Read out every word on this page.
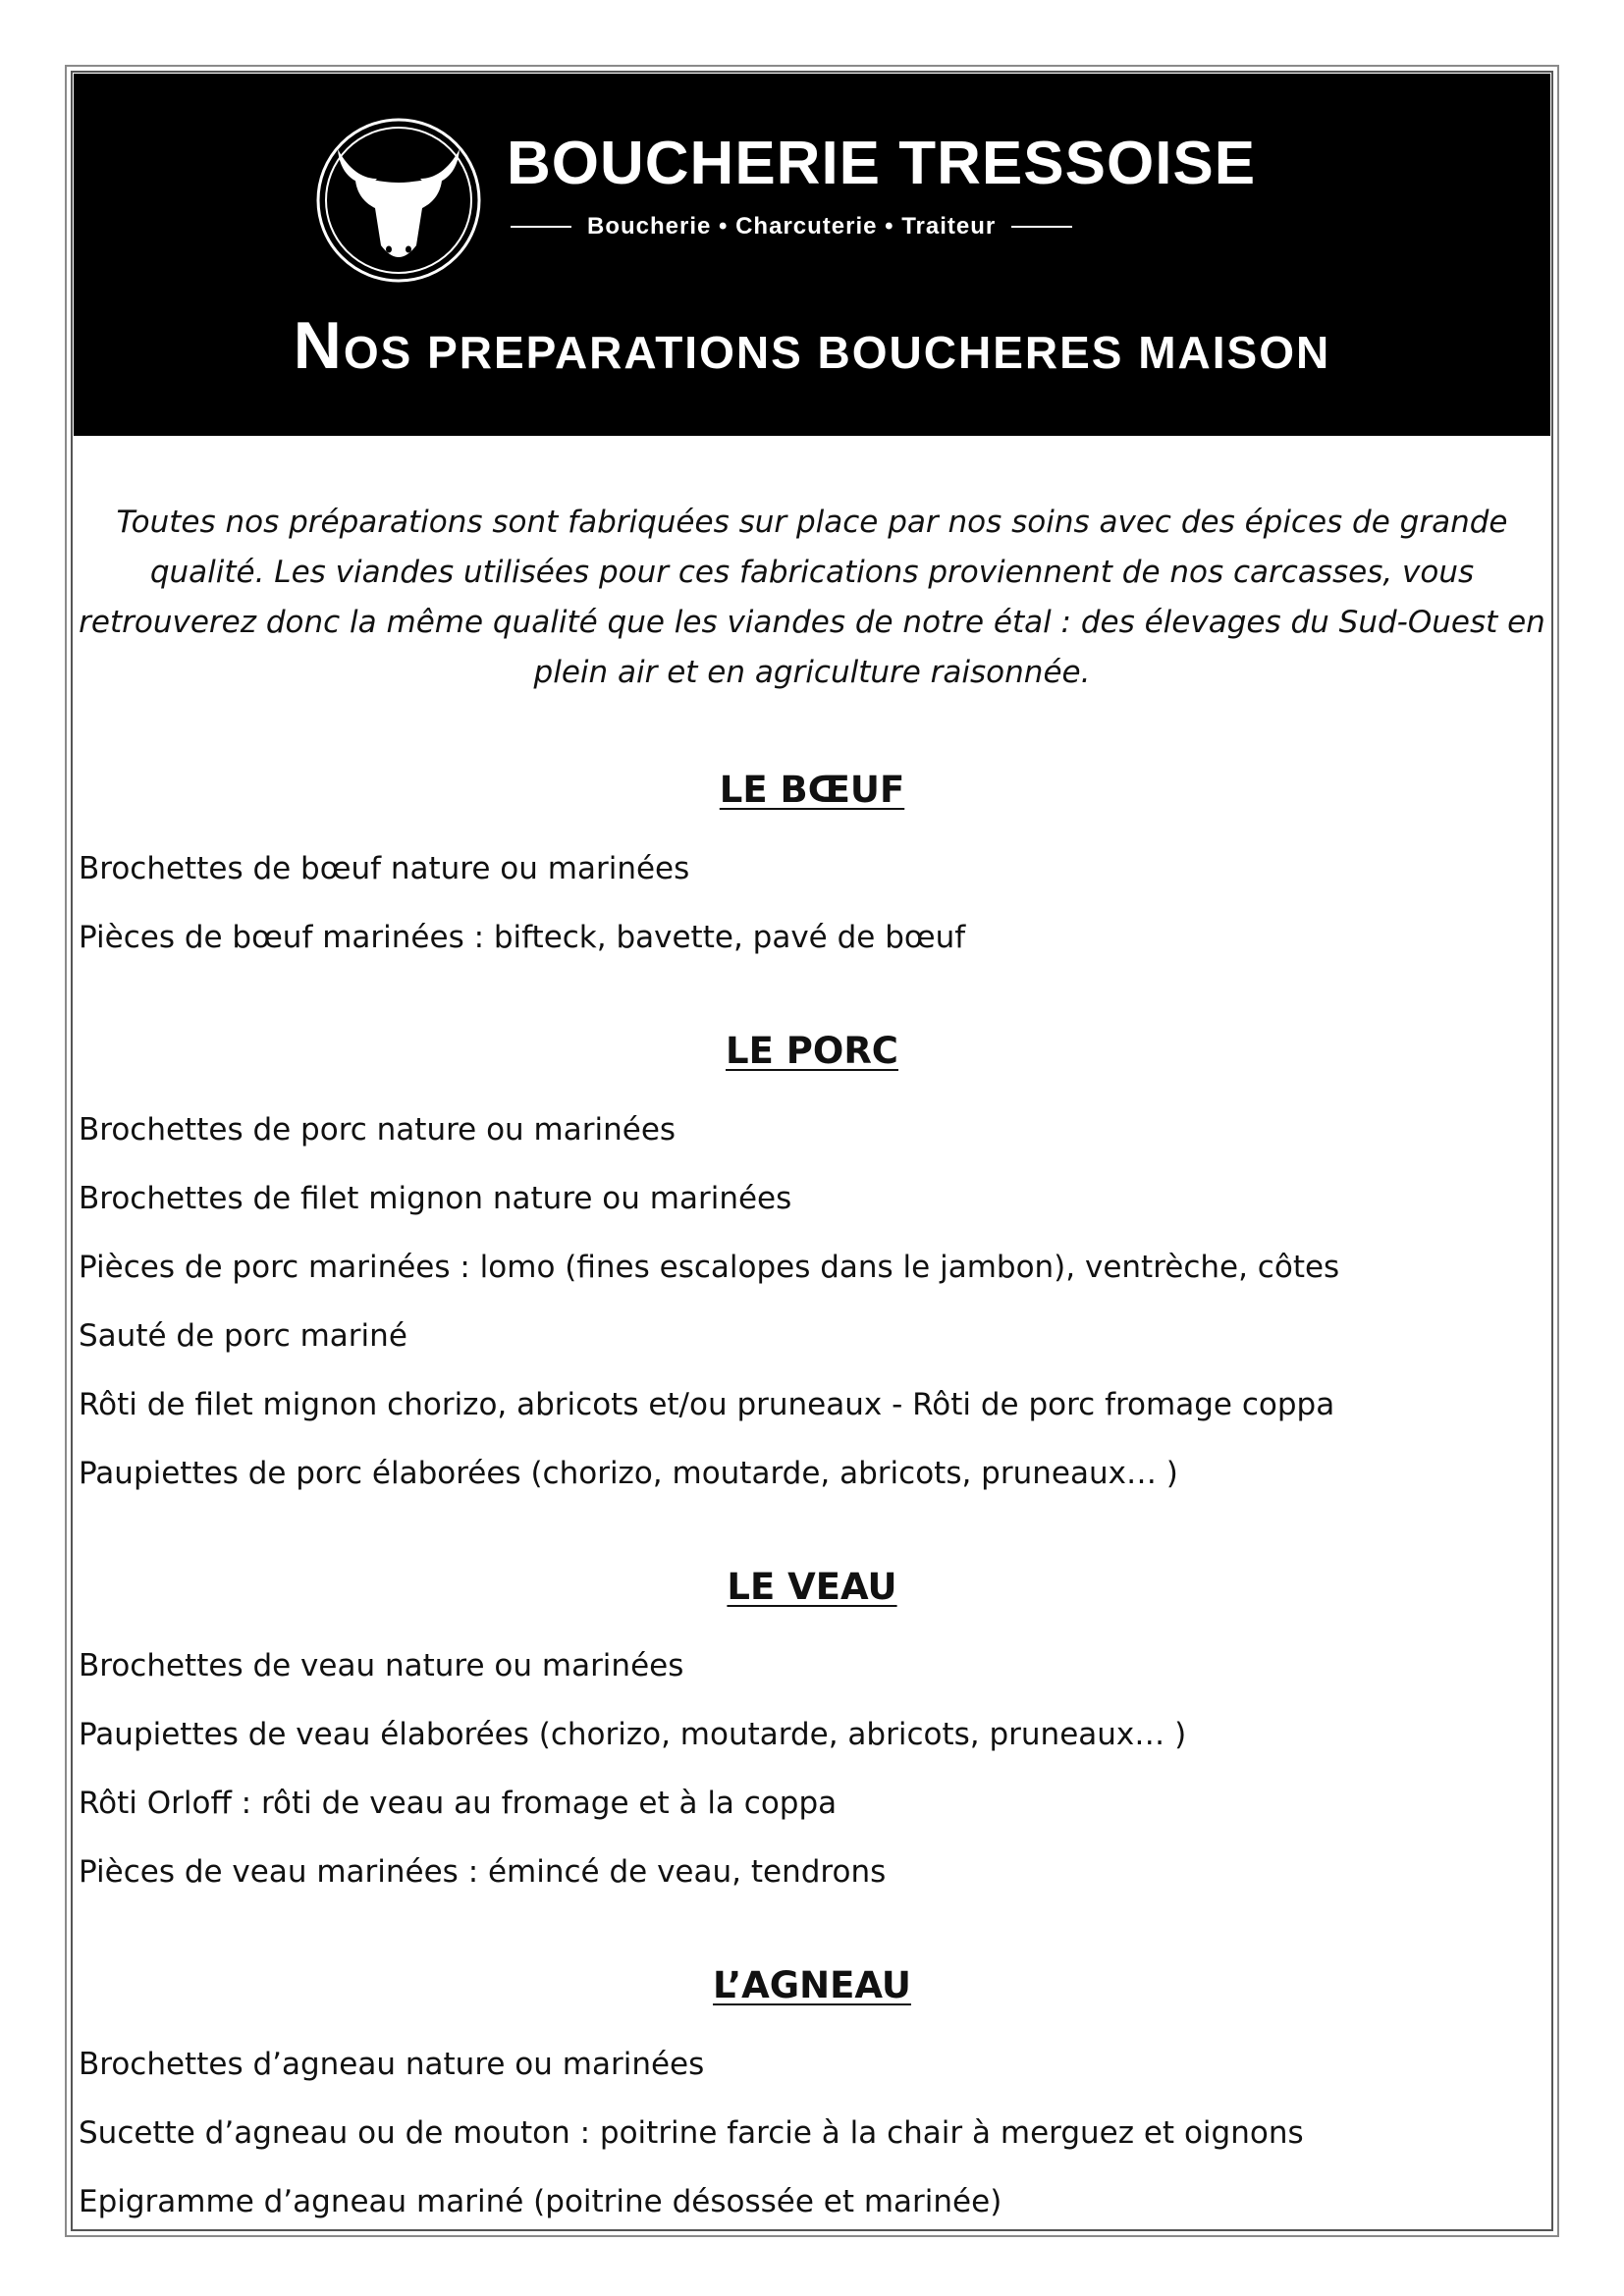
BOUCHERIE TRESSOISE
Boucherie • Charcuterie • Traiteur
NOS PREPARATIONS BOUCHERES MAISON
Toutes nos préparations sont fabriquées sur place par nos soins avec des épices de grande qualité. Les viandes utilisées pour ces fabrications proviennent de nos carcasses, vous retrouverez donc la même qualité que les viandes de notre étal : des élevages du Sud-Ouest en plein air et en agriculture raisonnée.
LE BŒUF
Brochettes de bœuf nature ou marinées
Pièces de bœuf marinées : bifteck, bavette, pavé de bœuf
LE PORC
Brochettes de porc nature ou marinées
Brochettes de filet mignon nature ou marinées
Pièces de porc marinées : lomo (fines escalopes dans le jambon), ventrèche, côtes
Sauté de porc mariné
Rôti de filet mignon chorizo, abricots et/ou pruneaux - Rôti de porc fromage coppa
Paupiettes de porc élaborées (chorizo, moutarde, abricots, pruneaux… )
LE VEAU
Brochettes de veau nature ou marinées
Paupiettes de veau élaborées (chorizo, moutarde, abricots, pruneaux… )
Rôti Orloff : rôti de veau au fromage et à la coppa
Pièces de veau marinées : émincé de veau, tendrons
L’AGNEAU
Brochettes d’agneau nature ou marinées
Sucette d’agneau ou de mouton : poitrine farcie à la chair à merguez et oignons
Epigramme d’agneau mariné (poitrine désossée et marinée)
